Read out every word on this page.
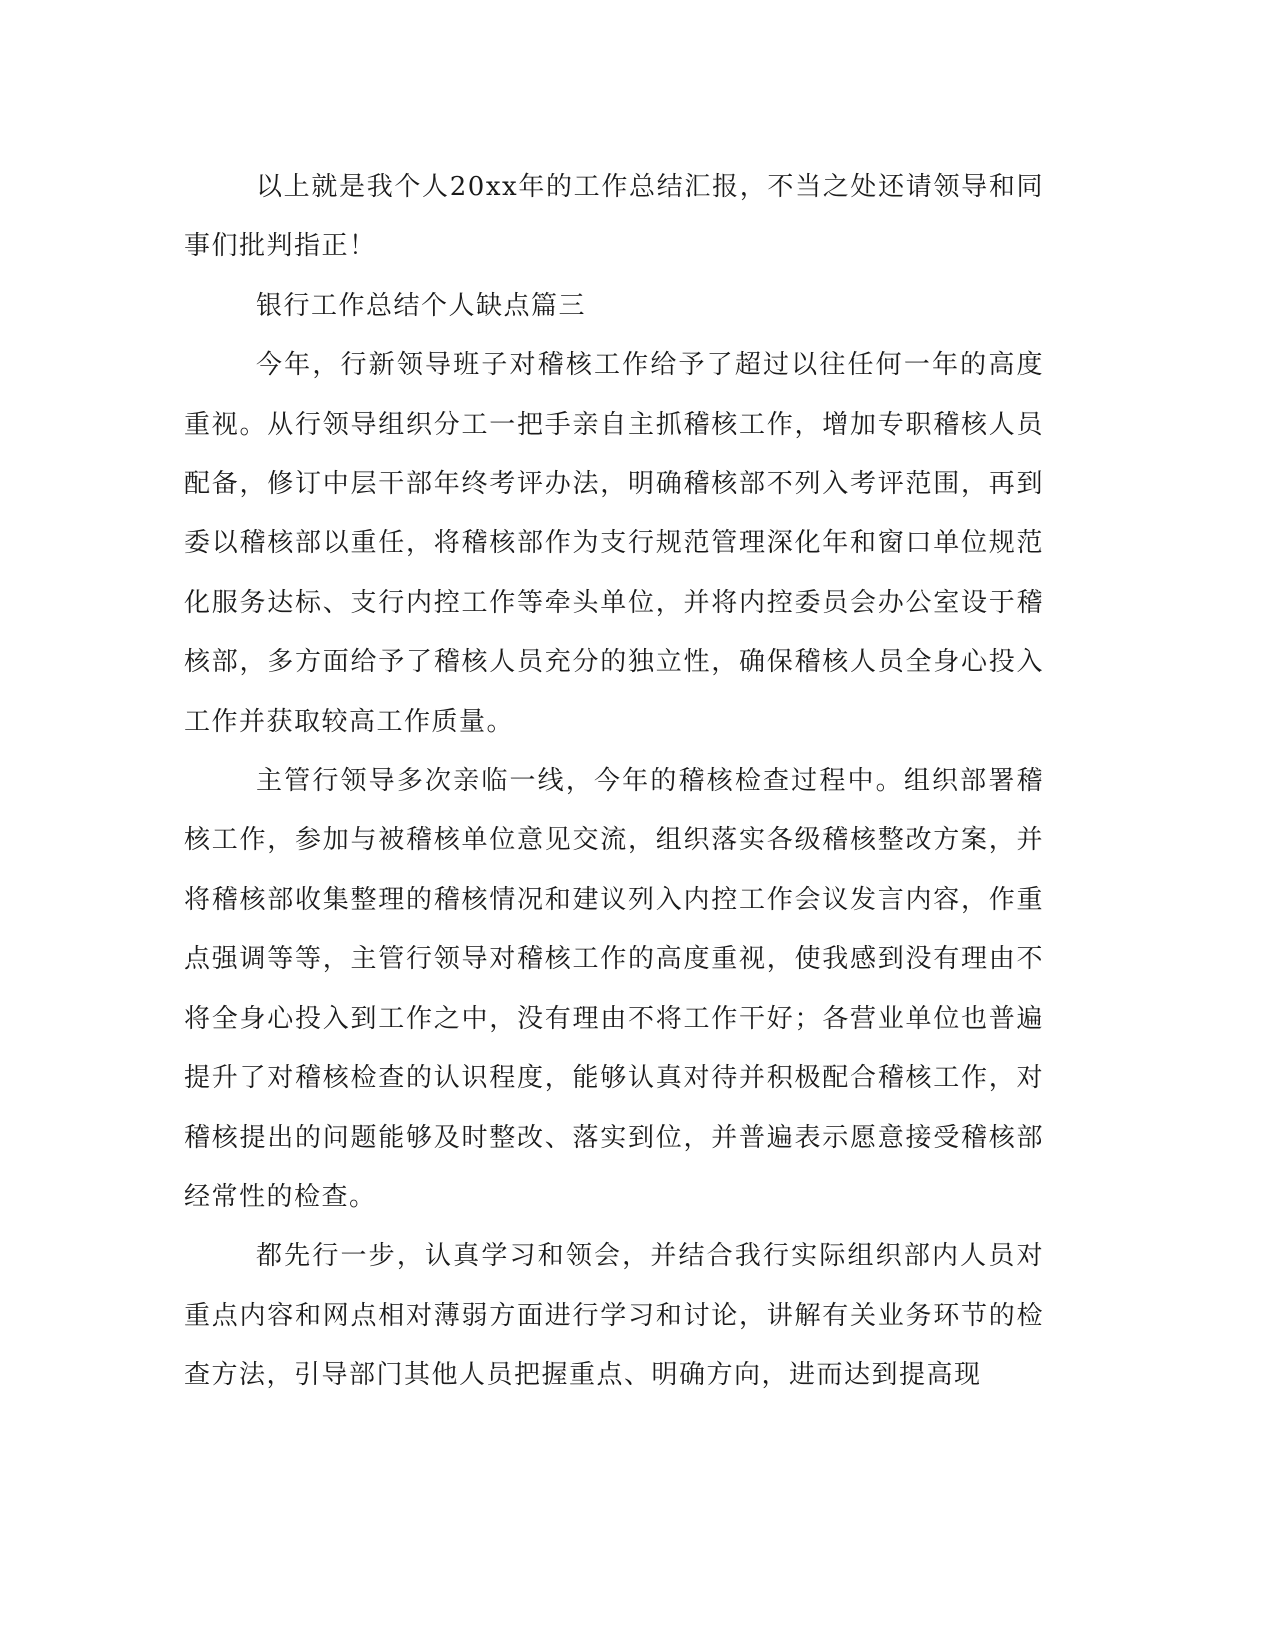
以上就是我个人20xx年的工作总结汇报，不当之处还请领导和同事们批判指正！

银行工作总结个人缺点篇三

今年，行新领导班子对稽核工作给予了超过以往任何一年的高度重视。从行领导组织分工一把手亲自主抓稽核工作，增加专职稽核人员配备，修订中层干部年终考评办法，明确稽核部不列入考评范围，再到委以稽核部以重任，将稽核部作为支行规范管理深化年和窗口单位规范化服务达标、支行内控工作等牵头单位，并将内控委员会办公室设于稽核部，多方面给予了稽核人员充分的独立性，确保稽核人员全身心投入工作并获取较高工作质量。

主管行领导多次亲临一线，今年的稽核检查过程中。组织部署稽核工作，参加与被稽核单位意见交流，组织落实各级稽核整改方案，并将稽核部收集整理的稽核情况和建议列入内控工作会议发言内容，作重点强调等等，主管行领导对稽核工作的高度重视，使我感到没有理由不将全身心投入到工作之中，没有理由不将工作干好；各营业单位也普遍提升了对稽核检查的认识程度，能够认真对待并积极配合稽核工作，对稽核提出的问题能够及时整改、落实到位，并普遍表示愿意接受稽核部经常性的检查。

都先行一步，认真学习和领会，并结合我行实际组织部内人员对重点内容和网点相对薄弱方面进行学习和讨论，讲解有关业务环节的检查方法，引导部门其他人员把握重点、明确方向，进而达到提高现
